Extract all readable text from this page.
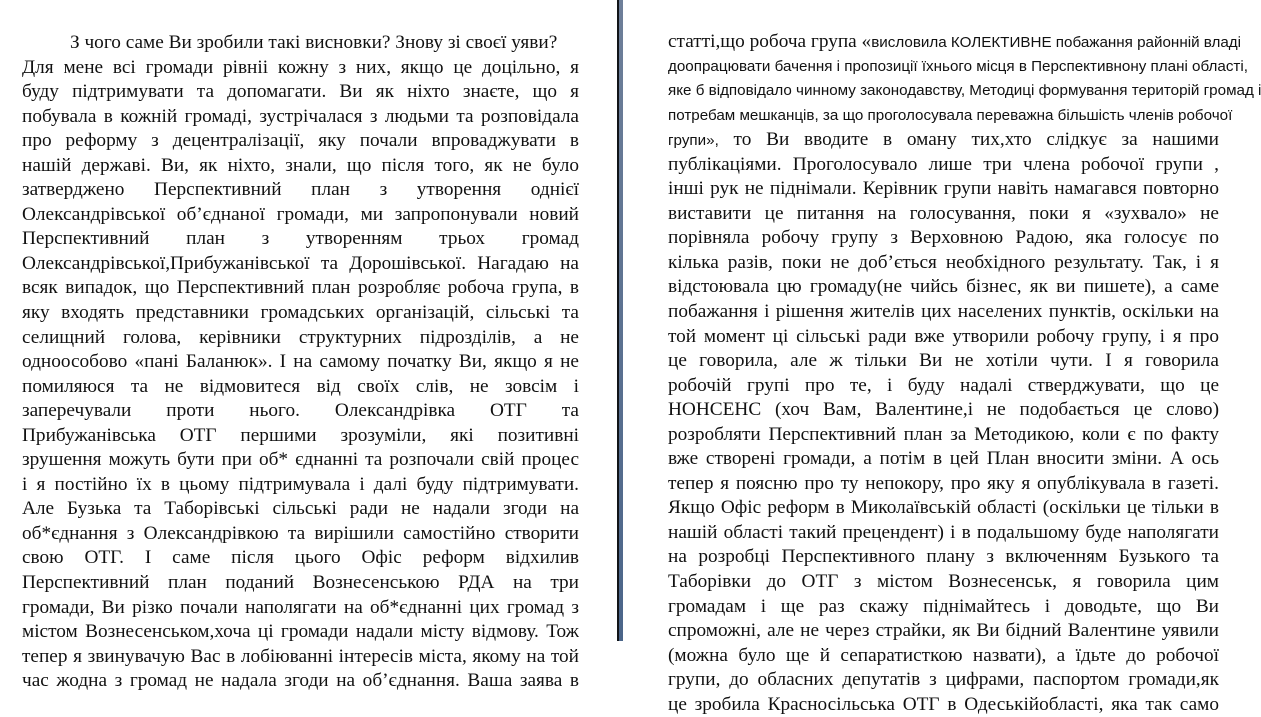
З чого саме Ви зробили такі висновки? Знову зі своєї уяви?
Для мене всі громади рівніі кожну з них, якщо це доцільно, я
буду підтримувати та допомагати. Ви як ніхто знаєте, що я
побувала в кожній громаді, зустрічалася з людьми та розповідала
про реформу з децентралізації, яку почали впроваджувати в
нашій державі. Ви, як ніхто, знали, що після того, як не було
затверджено Перспективний план з утворення однієї
Олександрівської об’єднаної громади, ми запропонували новий
Перспективний план з утворенням трьох громад
Олександрівської,Прибужанівської та Дорошівської. Нагадаю на
всяк випадок, що Перспективний план розробляє робоча група, в
яку входять представники громадських організацій, сільські та
селищний голова, керівники структурних підрозділів, а не
одноособово «пані Баланюк». І на самому початку Ви, якщо я не
помиляюся та не відмовитеся від своїх слів, не зовсім і
заперечували проти нього. Олександрівка ОТГ та
Прибужанівська ОТГ першими зрозуміли, які позитивні
зрушення можуть бути при об* єднанні та розпочали свій процес
і я постійно їх в цьому підтримувала і далі буду підтримувати.
Але Бузька та Таборівські сільські ради не надали згоди на
об*єднання з Олександрівкою та вирішили самостійно створити
свою ОТГ. І саме після цього Офіс реформ відхилив
Перспективний план поданий Вознесенською РДА на три
громади, Ви різко почали наполягати на об*єднанні цих громад з
містом Вознесенськом,хоча ці громади надали місту відмову. Тож
тепер я звинувачую Вас в лобіюванні інтересів міста, якому на той
час жодна з громад не надала згоди на об’єднання. Ваша заява в
статті,що робоча група «висловила КОЛЕКТИВНЕ побажання районній владі
доопрацювати бачення і пропозиції їхнього місця в Перспективнону плані області,
яке б відповідало чинному законодавству, Методиці формування територій громад і
потребам мешканців, за що проголосувала переважна більшість членів робочої
групи», то Ви вводите в оману тих,хто слідкує за нашими
публікаціями. Проголосувало лише три члена робочої групи ,
інші рук не піднімали. Керівник групи навіть намагався повторно
виставити це питання на голосування, поки я «зухвало» не
порівняла робочу групу з Верховною Радою, яка голосує по
кілька разів, поки не доб’ється необхідного результату. Так, і я
відстоювала цю громаду(не чийсь бізнес, як ви пишете), а саме
побажання і рішення жителів цих населених пунктів, оскільки на
той момент ці сільські ради вже утворили робочу групу, і я про
це говорила, але ж тільки Ви не хотіли чути. І я говорила
робочій групі про те, і буду надалі стверджувати, що це
НОНСЕНС (хоч Вам, Валентине,і не подобається це слово)
розробляти Перспективний план за Методикою, коли є по факту
вже створені громади, а потім в цей План вносити зміни. А ось
тепер я поясню про ту непокору, про яку я опублікувала в газеті.
Якщо Офіс реформ в Миколаївській області (оскільки це тільки в
нашій області такий прецендент) і в подальшому буде наполягати
на розробці Перспективного плану з включенням Бузького та
Таборівки до ОТГ з містом Вознесенськ, я говорила цим
громадам і ще раз скажу піднімайтесь і доводьте, що Ви
спроможні, але не через страйки, як Ви бідний Валентине уявили
(можна було ще й сепаратисткою назвати), а їдьте до робочої
групи, до обласних депутатів з цифрами, паспортом громади,як
це зробила Красносільська ОТГ в Одеськійобласті, яка так само
